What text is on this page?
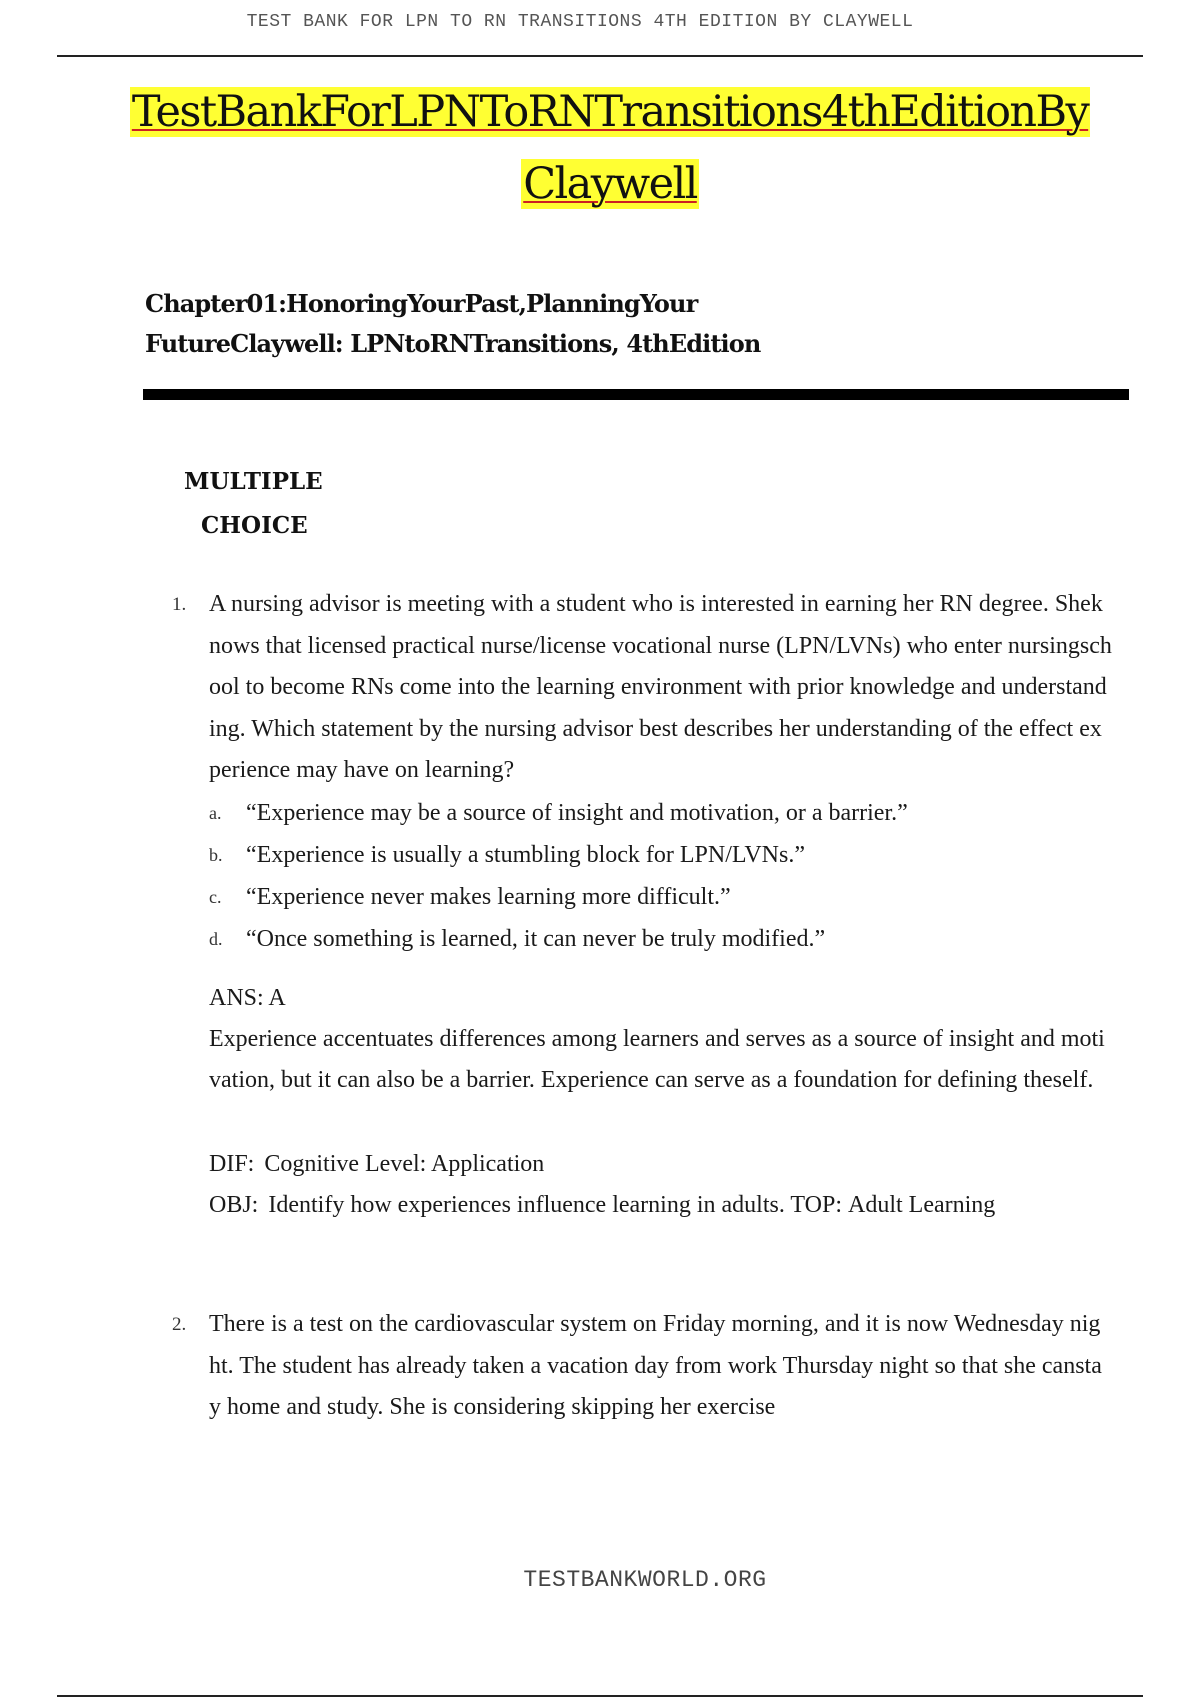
TEST BANK FOR LPN TO RN TRANSITIONS 4TH EDITION BY CLAYWELL
TestBankForLPNToRNTransitions4thEditionBy
Claywell
Chapter01:HonoringYourPast,PlanningYour
FutureClaywell: LPNtoRNTransitions, 4thEdition
MULTIPLE
CHOICE
1. A nursing advisor is meeting with a student who is interested in earning her RN degree. Sheknows that licensed practical nurse/license vocational nurse (LPN/LVNs) who enter nursingschool to become RNs come into the learning environment with prior knowledge and understanding. Which statement by the nursing advisor best describes her understanding of the effect experience may have on learning?
a. “Experience may be a source of insight and motivation, or a barrier.”
b. “Experience is usually a stumbling block for LPN/LVNs.”
c. “Experience never makes learning more difficult.”
d. “Once something is learned, it can never be truly modified.”
ANS: A
Experience accentuates differences among learners and serves as a source of insight and motivation, but it can also be a barrier. Experience can serve as a foundation for defining theself.
DIF: Cognitive Level: Application
OBJ: Identify how experiences influence learning in adults. TOP: Adult Learning
2. There is a test on the cardiovascular system on Friday morning, and it is now Wednesday night. The student has already taken a vacation day from work Thursday night so that she canstay home and study. She is considering skipping her exercise
TESTBANKWORLD.ORG
